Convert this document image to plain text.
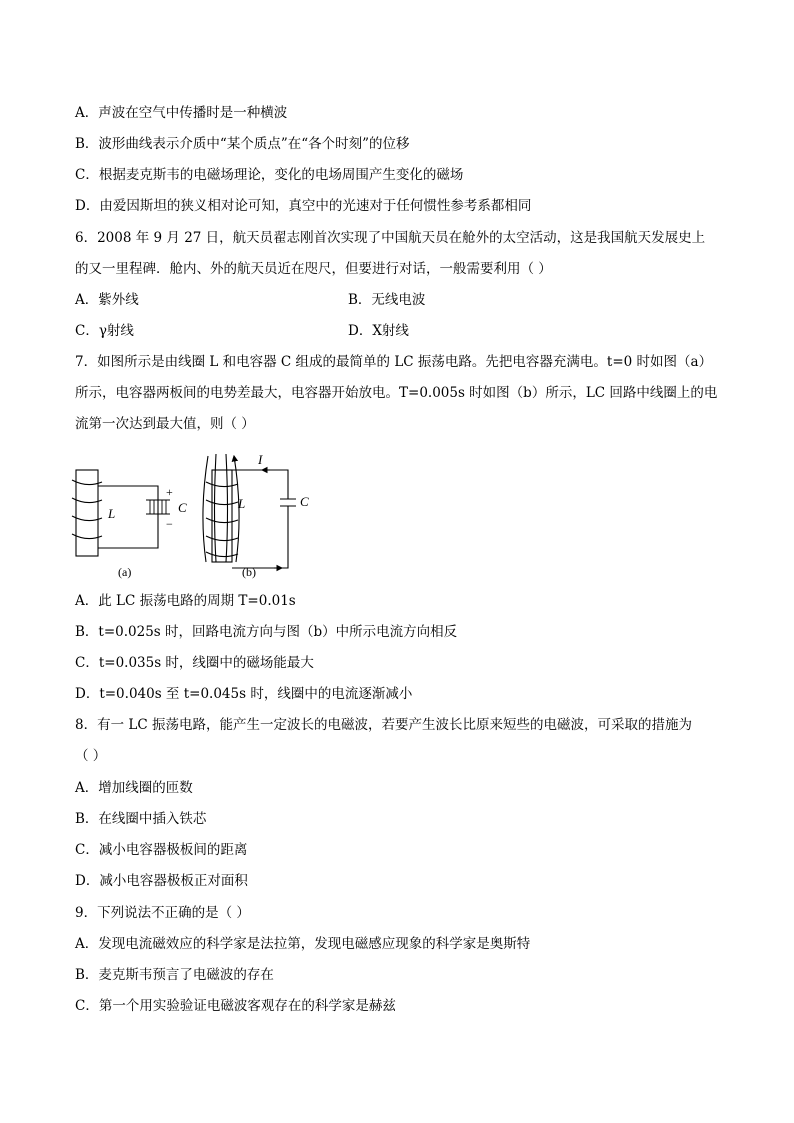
A．声波在空气中传播时是一种横波
B．波形曲线表示介质中“某个质点”在“各个时刻”的位移
C．根据麦克斯韦的电磁场理论，变化的电场周围产生变化的磁场
D．由爱因斯坦的狭义相对论可知，真空中的光速对于任何惯性参考系都相同
6．2008 年 9 月 27 日，航天员翟志刚首次实现了中国航天员在舱外的太空活动，这是我国航天发展史上
的又一里程碑．舱内、外的航天员近在咫尺，但要进行对话，一般需要利用（ ）
A．紫外线	B．无线电波
C．γ射线	D．X射线
7．如图所示是由线圈 L 和电容器 C 组成的最简单的 LC 振荡电路。先把电容器充满电。t=0 时如图（a）
所示，电容器两板间的电势差最大，电容器开始放电。T=0.005s 时如图（b）所示，LC 回路中线圈上的电
流第一次达到最大值，则（ ）
L	C	L	C
I
+
−
(a)	(b)
A．此 LC 振荡电路的周期 T=0.01s
B．t=0.025s 时，回路电流方向与图（b）中所示电流方向相反
C．t=0.035s 时，线圈中的磁场能最大
D．t=0.040s 至 t=0.045s 时，线圈中的电流逐渐减小
8．有一 LC 振荡电路，能产生一定波长的电磁波，若要产生波长比原来短些的电磁波，可采取的措施为
（ ）
A．增加线圈的匝数
B．在线圈中插入铁芯
C．减小电容器极板间的距离
D．减小电容器极板正对面积
9．下列说法不正确的是（ ）
A．发现电流磁效应的科学家是法拉第，发现电磁感应现象的科学家是奥斯特
B．麦克斯韦预言了电磁波的存在
C．第一个用实验验证电磁波客观存在的科学家是赫兹
